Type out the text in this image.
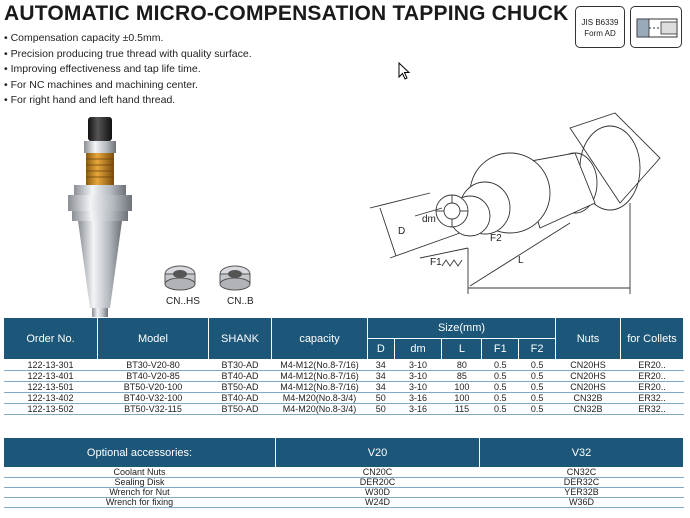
AUTOMATIC MICRO-COMPENSATION TAPPING CHUCK	JIS B6339
Form AD
• Compensation capacity ±0.5mm.
• Precision producing true thread with quality surface.
• Improving effectiveness and tap life time.
• For NC machines and machining center.
• For right hand and left hand thread.
CN..HS	CN..B
dm
D
F1
F2
L
Order No.	Model	SHANK	capacity	Size(mm)					Nuts	for Collets
				D	dm	L	F1	F2		
122-13-301	BT30-V20-80	BT30-AD	M4-M12(No.8-7/16)	34	3-10	80	0.5	0.5	CN20HS	ER20..
122-13-401	BT40-V20-85	BT40-AD	M4-M12(No.8-7/16)	34	3-10	85	0.5	0.5	CN20HS	ER20..
122-13-501	BT50-V20-100	BT50-AD	M4-M12(No.8-7/16)	34	3-10	100	0.5	0.5	CN20HS	ER20..
122-13-402	BT40-V32-100	BT40-AD	M4-M20(No.8-3/4)	50	3-16	100	0.5	0.5	CN32B	ER32..
122-13-502	BT50-V32-115	BT50-AD	M4-M20(No.8-3/4)	50	3-16	115	0.5	0.5	CN32B	ER32..
Optional accessories:	V20	V32
Coolant Nuts	CN20C	CN32C
Sealing Disk	DER20C	DER32C
Wrench for Nut	W30D	YER32B
Wrench for fixing	W24D	W36D
